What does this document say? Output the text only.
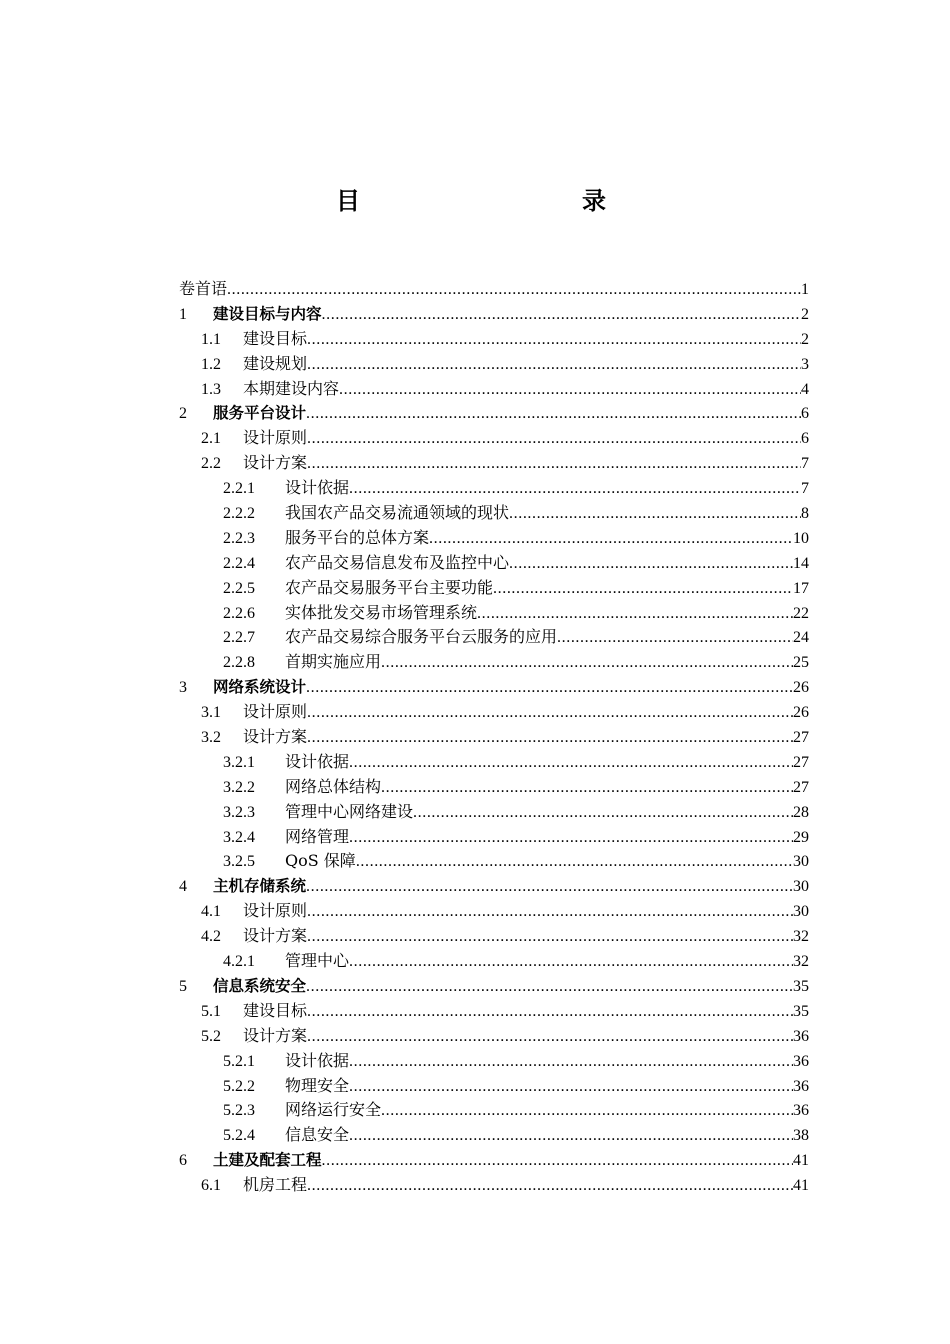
目　　录
卷首语 .....	1
1	建设目标与内容 .....	2
1.1	建设目标 .....	2
1.2	建设规划 .....	3
1.3	本期建设内容 .....	4
2	服务平台设计 .....	6
2.1	设计原则 .....	6
2.2	设计方案 .....	7
2.2.1	设计依据 .....	7
2.2.2	我国农产品交易流通领域的现状 .....	8
2.2.3	服务平台的总体方案 .....	10
2.2.4	农产品交易信息发布及监控中心 .....	14
2.2.5	农产品交易服务平台主要功能 .....	17
2.2.6	实体批发交易市场管理系统 .....	22
2.2.7	农产品交易综合服务平台云服务的应用 .....	24
2.2.8	首期实施应用 .....	25
3	网络系统设计 .....	26
3.1	设计原则 .....	26
3.2	设计方案 .....	27
3.2.1	设计依据 .....	27
3.2.2	网络总体结构 .....	27
3.2.3	管理中心网络建设 .....	28
3.2.4	网络管理 .....	29
3.2.5	QoS 保障 .....	30
4	主机存储系统 .....	30
4.1	设计原则 .....	30
4.2	设计方案 .....	32
4.2.1	管理中心 .....	32
5	信息系统安全 .....	35
5.1	建设目标 .....	35
5.2	设计方案 .....	36
5.2.1	设计依据 .....	36
5.2.2	物理安全 .....	36
5.2.3	网络运行安全 .....	36
5.2.4	信息安全 .....	38
6	土建及配套工程 .....	41
6.1	机房工程 .....	41
